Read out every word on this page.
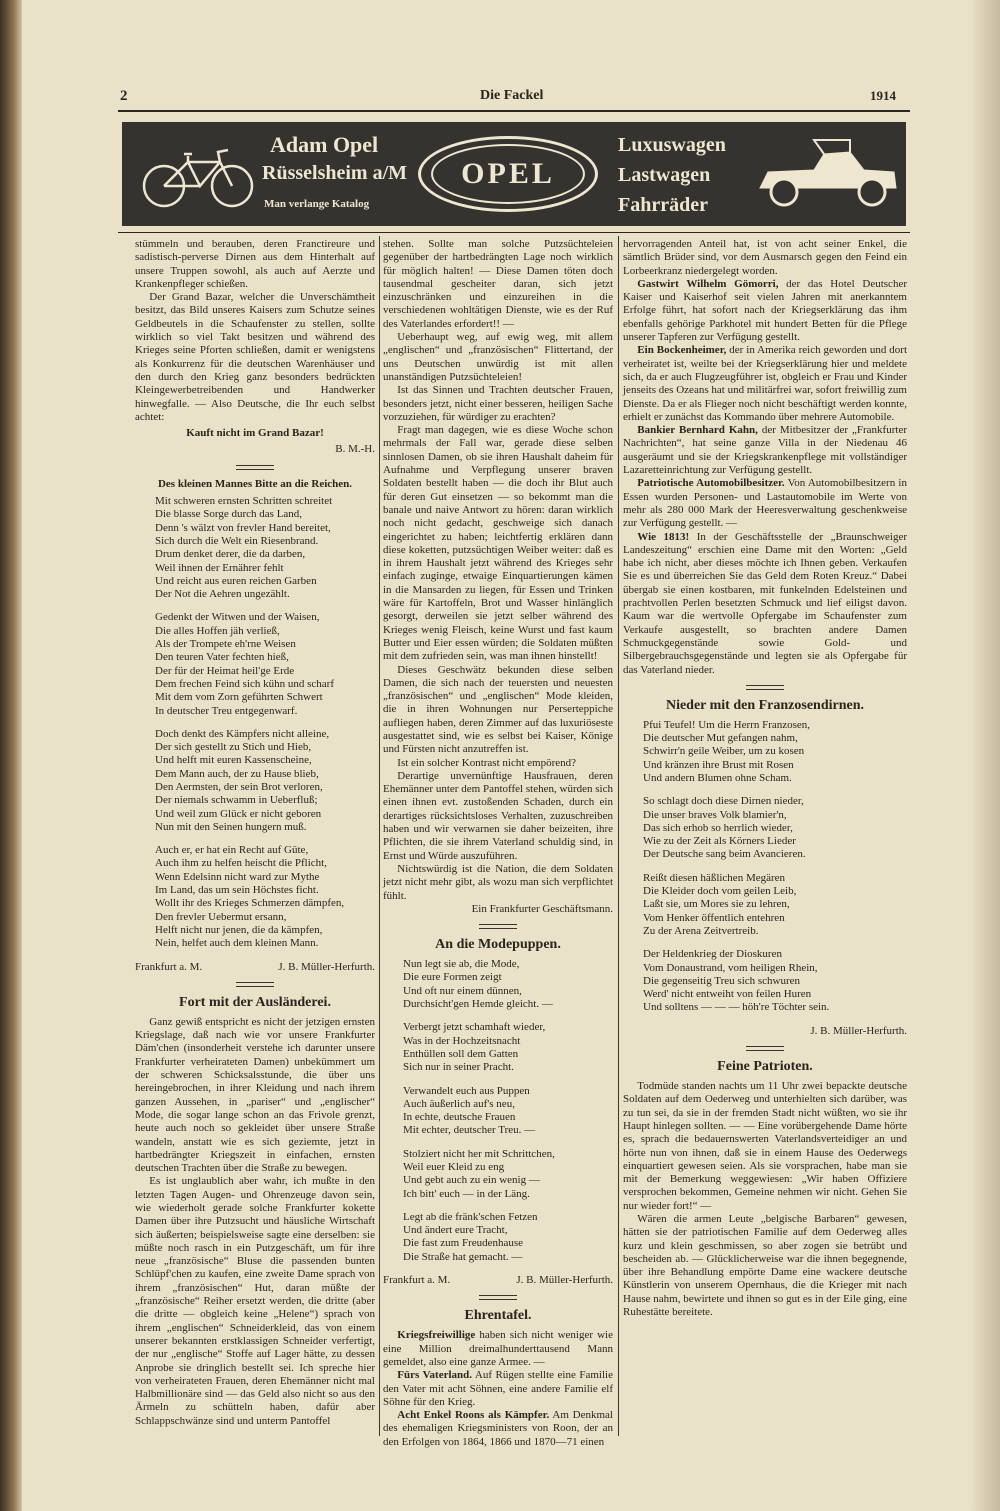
2	Die Fackel	1914
Adam Opel
Rüsselsheim a/M
Man verlange Katalog
OPEL
Luxuswagen
Lastwagen
Fahrräder

stümmeln und berauben, deren Franctireure und sadistisch-perverse Dirnen aus dem Hinterhalt auf unsere Truppen sowohl, als auch auf Aerzte und Krankenpfleger schießen.

Der Grand Bazar, welcher die Unverschämtheit besitzt, das Bild unseres Kaisers zum Schutze seines Geldbeutels in die Schaufenster zu stellen, sollte wirklich so viel Takt besitzen und während des Krieges seine Pforten schließen, damit er wenigstens als Konkurrenz für die deutschen Warenhäuser und den durch den Krieg ganz besonders bedrückten Kleingewerbetreibenden und Handwerker hinwegfalle. — Also Deutsche, die Ihr euch selbst achtet:

Kauft nicht im Grand Bazar!
B. M.-H.
Des kleinen Mannes Bitte an die Reichen.
Mit schweren ernsten Schritten schreitet
Die blasse Sorge durch das Land,
Denn 's wälzt von frevler Hand bereitet,
Sich durch die Welt ein Riesenbrand.
Drum denket derer, die da darben,
Weil ihnen der Ernährer fehlt
Und reicht aus euren reichen Garben
Der Not die Aehren ungezählt.
Gedenkt der Witwen und der Waisen,
Die alles Hoffen jäh verließ,
Als der Trompete eh'rne Weisen
Den teuren Vater fechten hieß,
Der für der Heimat heil'ge Erde
Dem frechen Feind sich kühn und scharf
Mit dem vom Zorn geführten Schwert
In deutscher Treu entgegenwarf.
Doch denkt des Kämpfers nicht alleine,
Der sich gestellt zu Stich und Hieb,
Und helft mit euren Kassenscheine,
Dem Mann auch, der zu Hause blieb,
Den Aermsten, der sein Brot verloren,
Der niemals schwamm in Ueberfluß;
Und weil zum Glück er nicht geboren
Nun mit den Seinen hungern muß.
Auch er, er hat ein Recht auf Güte,
Auch ihm zu helfen heischt die Pflicht,
Wenn Edelsinn nicht ward zur Mythe
Im Land, das um sein Höchstes ficht.
Wollt ihr des Krieges Schmerzen dämpfen,
Den frevler Uebermut ersann,
Helft nicht nur jenen, die da kämpfen,
Nein, helfet auch dem kleinen Mann.
Frankfurt a. M.	J. B. Müller-Herfurth.
Fort mit der Ausländerei.

Ganz gewiß entspricht es nicht der jetzigen ernsten Kriegslage, daß nach wie vor unsere Frankfurter Däm'chen (insonderheit verstehe ich darunter unsere Frankfurter verheirateten Damen) unbekümmert um der schweren Schicksalsstunde, die über uns hereingebrochen, in ihrer Kleidung und nach ihrem ganzen Aussehen, in „pariser“ und „englischer“ Mode, die sogar lange schon an das Frivole grenzt, heute auch noch so gekleidet über unsere Straße wandeln, anstatt wie es sich geziemte, jetzt in hartbedrängter Kriegszeit in einfachen, ernsten deutschen Trachten über die Straße zu bewegen.

Es ist unglaublich aber wahr, ich mußte in den letzten Tagen Augen- und Ohrenzeuge davon sein, wie wiederholt gerade solche Frankfurter kokette Damen über ihre Putzsucht und häusliche Wirtschaft sich äußerten; beispielsweise sagte eine derselben: sie müßte noch rasch in ein Putzgeschäft, um für ihre neue „französische“ Bluse die passenden bunten Schlüpf'chen zu kaufen, eine zweite Dame sprach von ihrem „französischen“ Hut, daran müßte der „französische“ Reiher ersetzt werden, die dritte (aber die dritte — obgleich keine „Helene“) sprach von ihrem „englischen“ Schneiderkleid, das von einem unserer bekannten erstklassigen Schneider verfertigt, der nur „englische“ Stoffe auf Lager hätte, zu dessen Anprobe sie dringlich bestellt sei. Ich spreche hier von verheirateten Frauen, deren Ehemänner nicht mal Halbmillionäre sind — das Geld also nicht so aus den Ärmeln zu schütteln haben, dafür aber Schlappschwänze sind und unterm Pantoffel

stehen. Sollte man solche Putzsüchteleien gegenüber der hartbedrängten Lage noch wirklich für möglich halten! — Diese Damen töten doch tausendmal gescheiter daran, sich jetzt einzuschränken und einzureihen in die verschiedenen wohltätigen Dienste, wie es der Ruf des Vaterlandes erfordert!! —

Ueberhaupt weg, auf ewig weg, mit allem „englischen“ und „französischen“ Flittertand, der uns Deutschen unwürdig ist mit allen unanständigen Putzsüchteleien!

Ist das Sinnen und Trachten deutscher Frauen, besonders jetzt, nicht einer besseren, heiligen Sache vorzuziehen, für würdiger zu erachten?

Fragt man dagegen, wie es diese Woche schon mehrmals der Fall war, gerade diese selben sinnlosen Damen, ob sie ihren Haushalt daheim für Aufnahme und Verpflegung unserer braven Soldaten bestellt haben — die doch ihr Blut auch für deren Gut einsetzen — so bekommt man die banale und naive Antwort zu hören: daran wirklich noch nicht gedacht, geschweige sich danach eingerichtet zu haben; leichtfertig erklären dann diese koketten, putzsüchtigen Weiber weiter: daß es in ihrem Haushalt jetzt während des Krieges sehr einfach zuginge, etwaige Einquartierungen kämen in die Mansarden zu liegen, für Essen und Trinken wäre für Kartoffeln, Brot und Wasser hinlänglich gesorgt, derweilen sie jetzt selber während des Krieges wenig Fleisch, keine Wurst und fast kaum Butter und Eier essen würden; die Soldaten müßten mit dem zufrieden sein, was man ihnen hinstellt!

Dieses Geschwätz bekunden diese selben Damen, die sich nach der teuersten und neuesten „französischen“ und „englischen“ Mode kleiden, die in ihren Wohnungen nur Perserteppiche aufliegen haben, deren Zimmer auf das luxuriöseste ausgestattet sind, wie es selbst bei Kaiser, Könige und Fürsten nicht anzutreffen ist.

Ist ein solcher Kontrast nicht empörend?

Derartige unvernünftige Hausfrauen, deren Ehemänner unter dem Pantoffel stehen, würden sich einen ihnen evt. zustoßenden Schaden, durch ein derartiges rücksichtsloses Verhalten, zuzuschreiben haben und wir verwarnen sie daher beizeiten, ihre Pflichten, die sie ihrem Vaterland schuldig sind, in Ernst und Würde auszuführen.

Nichtswürdig ist die Nation, die dem Soldaten jetzt nicht mehr gibt, als wozu man sich verpflichtet fühlt.

Ein Frankfurter Geschäftsmann.
An die Modepuppen.
Nun legt sie ab, die Mode,
Die eure Formen zeigt
Und oft nur einem dünnen,
Durchsicht'gen Hemde gleicht. —
Verbergt jetzt schamhaft wieder,
Was in der Hochzeitsnacht
Enthüllen soll dem Gatten
Sich nur in seiner Pracht.
Verwandelt euch aus Puppen
Auch äußerlich auf's neu,
In echte, deutsche Frauen
Mit echter, deutscher Treu. —
Stolziert nicht her mit Schrittchen,
Weil euer Kleid zu eng
Und gebt auch zu ein wenig —
Ich bitt' euch — in der Läng.
Legt ab die fränk'schen Fetzen
Und ändert eure Tracht,
Die fast zum Freudenhause
Die Straße hat gemacht. —
Frankfurt a. M.	J. B. Müller-Herfurth.
Ehrentafel.

Kriegsfreiwillige haben sich nicht weniger wie eine Million dreimalhunderttausend Mann gemeldet, also eine ganze Armee. —

Fürs Vaterland. Auf Rügen stellte eine Familie den Vater mit acht Söhnen, eine andere Familie elf Söhne für den Krieg.

Acht Enkel Roons als Kämpfer. Am Denkmal des ehemaligen Kriegsministers von Roon, der an den Erfolgen von 1864, 1866 und 1870—71 einen

hervorragenden Anteil hat, ist von acht seiner Enkel, die sämtlich Brüder sind, vor dem Ausmarsch gegen den Feind ein Lorbeerkranz niedergelegt worden.

Gastwirt Wilhelm Gömorri, der das Hotel Deutscher Kaiser und Kaiserhof seit vielen Jahren mit anerkanntem Erfolge führt, hat sofort nach der Kriegserklärung das ihm ebenfalls gehörige Parkhotel mit hundert Betten für die Pflege unserer Tapferen zur Verfügung gestellt.

Ein Bockenheimer, der in Amerika reich geworden und dort verheiratet ist, weilte bei der Kriegserklärung hier und meldete sich, da er auch Flugzeugführer ist, obgleich er Frau und Kinder jenseits des Ozeans hat und militärfrei war, sofort freiwillig zum Dienste. Da er als Flieger noch nicht beschäftigt werden konnte, erhielt er zunächst das Kommando über mehrere Automobile.

Bankier Bernhard Kahn, der Mitbesitzer der „Frankfurter Nachrichten“, hat seine ganze Villa in der Niedenau 46 ausgeräumt und sie der Kriegskrankenpflege mit vollständiger Lazaretteinrichtung zur Verfügung gestellt.

Patriotische Automobilbesitzer. Von Automobilbesitzern in Essen wurden Personen- und Lastautomobile im Werte von mehr als 280 000 Mark der Heeresverwaltung geschenkweise zur Verfügung gestellt. —

Wie 1813! In der Geschäftsstelle der „Braunschweiger Landeszeitung“ erschien eine Dame mit den Worten: „Geld habe ich nicht, aber dieses möchte ich Ihnen geben. Verkaufen Sie es und überreichen Sie das Geld dem Roten Kreuz.“ Dabei übergab sie einen kostbaren, mit funkelnden Edelsteinen und prachtvollen Perlen besetzten Schmuck und lief eiligst davon. Kaum war die wertvolle Opfergabe im Schaufenster zum Verkaufe ausgestellt, so brachten andere Damen Schmuckgegenstände sowie Gold- und Silbergebrauchsgegenstände und legten sie als Opfergabe für das Vaterland nieder.

Nieder mit den Franzosendirnen.
Pfui Teufel! Um die Herrn Franzosen,
Die deutscher Mut gefangen nahm,
Schwirr'n geile Weiber, um zu kosen
Und kränzen ihre Brust mit Rosen
Und andern Blumen ohne Scham.
So schlagt doch diese Dirnen nieder,
Die unser braves Volk blamier'n,
Das sich erhob so herrlich wieder,
Wie zu der Zeit als Körners Lieder
Der Deutsche sang beim Avancieren.
Reißt diesen häßlichen Megären
Die Kleider doch vom geilen Leib,
Laßt sie, um Mores sie zu lehren,
Vom Henker öffentlich entehren
Zu der Arena Zeitvertreib.
Der Heldenkrieg der Dioskuren
Vom Donaustrand, vom heiligen Rhein,
Die gegenseitig Treu sich schwuren
Werd' nicht entweiht von feilen Huren
Und solltens — — — höh're Töchter sein.
J. B. Müller-Herfurth.
Feine Patrioten.

Todmüde standen nachts um 11 Uhr zwei bepackte deutsche Soldaten auf dem Oederweg und unterhielten sich darüber, was zu tun sei, da sie in der fremden Stadt nicht wüßten, wo sie ihr Haupt hinlegen sollten. — — Eine vorübergehende Dame hörte es, sprach die bedauernswerten Vaterlandsverteidiger an und hörte nun von ihnen, daß sie in einem Hause des Oederwegs einquartiert gewesen seien. Als sie vorsprachen, habe man sie mit der Bemerkung weggewiesen: „Wir haben Offiziere versprochen bekommen, Gemeine nehmen wir nicht. Gehen Sie nur wieder fort!“ —

Wären die armen Leute „belgische Barbaren“ gewesen, hätten sie der patriotischen Familie auf dem Oederweg alles kurz und klein geschmissen, so aber zogen sie betrübt und bescheiden ab. — Glücklicherweise war die ihnen begegnende, über ihre Behandlung empörte Dame eine wackere deutsche Künstlerin von unserem Opernhaus, die die Krieger mit nach Hause nahm, bewirtete und ihnen so gut es in der Eile ging, eine Ruhestätte bereitete.
